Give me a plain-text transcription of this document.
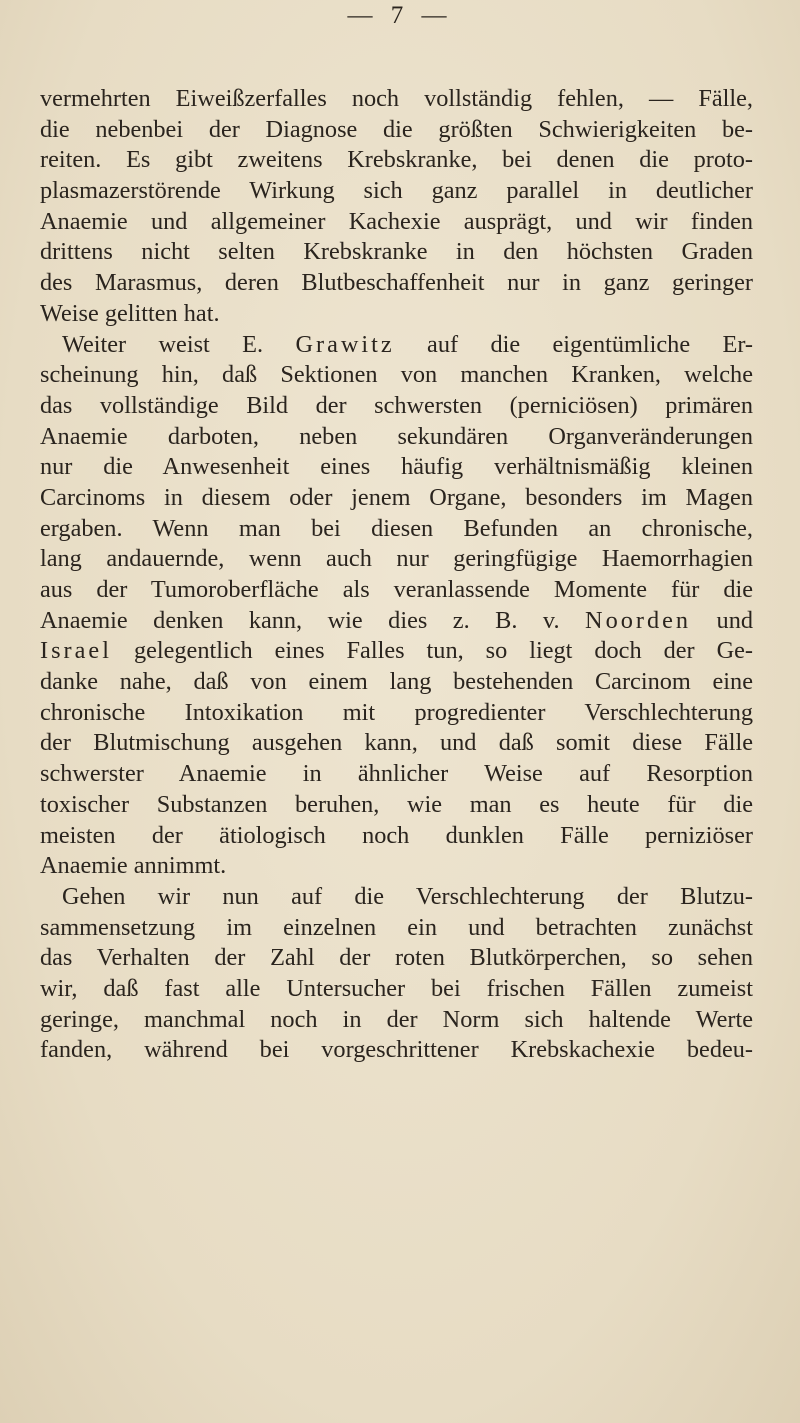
— 7 —
vermehrten Eiweißzerfalles noch vollständig fehlen, — Fälle,
die nebenbei der Diagnose die größten Schwierigkeiten be-
reiten. Es gibt zweitens Krebskranke, bei denen die proto-
plasmazerstörende Wirkung sich ganz parallel in deutlicher
Anaemie und allgemeiner Kachexie ausprägt, und wir finden
drittens nicht selten Krebskranke in den höchsten Graden
des Marasmus, deren Blutbeschaffenheit nur in ganz geringer
Weise gelitten hat.
Weiter weist E. Grawitz auf die eigentümliche Er-
scheinung hin, daß Sektionen von manchen Kranken, welche
das vollständige Bild der schwersten (perniciösen) primären
Anaemie darboten, neben sekundären Organveränderungen
nur die Anwesenheit eines häufig verhältnismäßig kleinen
Carcinoms in diesem oder jenem Organe, besonders im Magen
ergaben. Wenn man bei diesen Befunden an chronische,
lang andauernde, wenn auch nur geringfügige Haemorrhagien
aus der Tumoroberfläche als veranlassende Momente für die
Anaemie denken kann, wie dies z. B. v. Noorden und
Israel gelegentlich eines Falles tun, so liegt doch der Ge-
danke nahe, daß von einem lang bestehenden Carcinom eine
chronische Intoxikation mit progredienter Verschlechterung
der Blutmischung ausgehen kann, und daß somit diese Fälle
schwerster Anaemie in ähnlicher Weise auf Resorption
toxischer Substanzen beruhen, wie man es heute für die
meisten der ätiologisch noch dunklen Fälle perniziöser
Anaemie annimmt.
Gehen wir nun auf die Verschlechterung der Blutzu-
sammensetzung im einzelnen ein und betrachten zunächst
das Verhalten der Zahl der roten Blutkörperchen, so sehen
wir, daß fast alle Untersucher bei frischen Fällen zumeist
geringe, manchmal noch in der Norm sich haltende Werte
fanden, während bei vorgeschrittener Krebskachexie bedeu-
